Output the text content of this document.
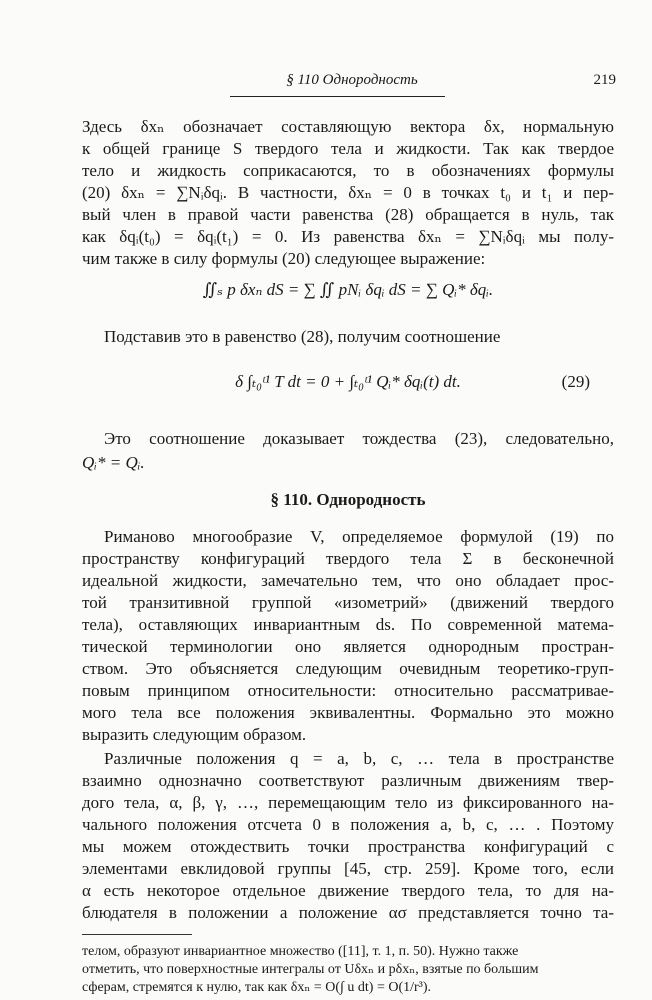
§ 110 Однородность	219
Здесь δxₙ обозначает составляющую вектора δx, нормальную
к общей границе S твердого тела и жидкости. Так как твердое
тело и жидкость соприкасаются, то в обозначениях формулы
(20) δxₙ = ∑Nᵢδqᵢ. В частности, δxₙ = 0 в точках t₀ и t₁ и пер-
вый член в правой части равенства (28) обращается в нуль, так
как δqᵢ(t₀) = δqᵢ(t₁) = 0. Из равенства δxₙ = ∑Nᵢδqᵢ мы полу-
чим также в силу формулы (20) следующее выражение:
∬ₛ p δxₙ dS = ∑ ∬ pNᵢ δqᵢ dS = ∑ Qᵢ* δqᵢ.
Подставив это в равенство (28), получим соотношение
δ ∫ₜ₀ᵗ¹ T dt = 0 + ∫ₜ₀ᵗ¹ Qᵢ* δqᵢ(t) dt.	(29)
Это соотношение доказывает тождества (23), следовательно,
Qᵢ* = Qᵢ.
§ 110. Однородность
Риманово многообразие V, определяемое формулой (19) по
пространству конфигураций твердого тела Σ в бесконечной
идеальной жидкости, замечательно тем, что оно обладает прос-
той транзитивной группой «изометрий» (движений твердого
тела), оставляющих инвариантным ds. По современной матема-
тической терминологии оно является однородным простран-
ством. Это объясняется следующим очевидным теоретико-груп-
повым принципом относительности: относительно рассматривае-
мого тела все положения эквивалентны. Формально это можно
выразить следующим образом.
Различные положения q = a, b, c, … тела в пространстве
взаимно однозначно соответствуют различным движениям твер-
дого тела, α, β, γ, …, перемещающим тело из фиксированного на-
чального положения отсчета 0 в положения a, b, c, … . Поэтому
мы можем отождествить точки пространства конфигураций с
элементами евклидовой группы [45, стр. 259]. Кроме того, если
α есть некоторое отдельное движение твердого тела, то для на-
блюдателя в положении a положение ασ представляется точно та-
телом, образуют инвариантное множество ([11], т. 1, п. 50). Нужно также
отметить, что поверхностные интегралы от Uδxₙ и pδxₙ, взятые по большим
сферам, стремятся к нулю, так как δxₙ = O(∫ u dt) = O(1/r³).
